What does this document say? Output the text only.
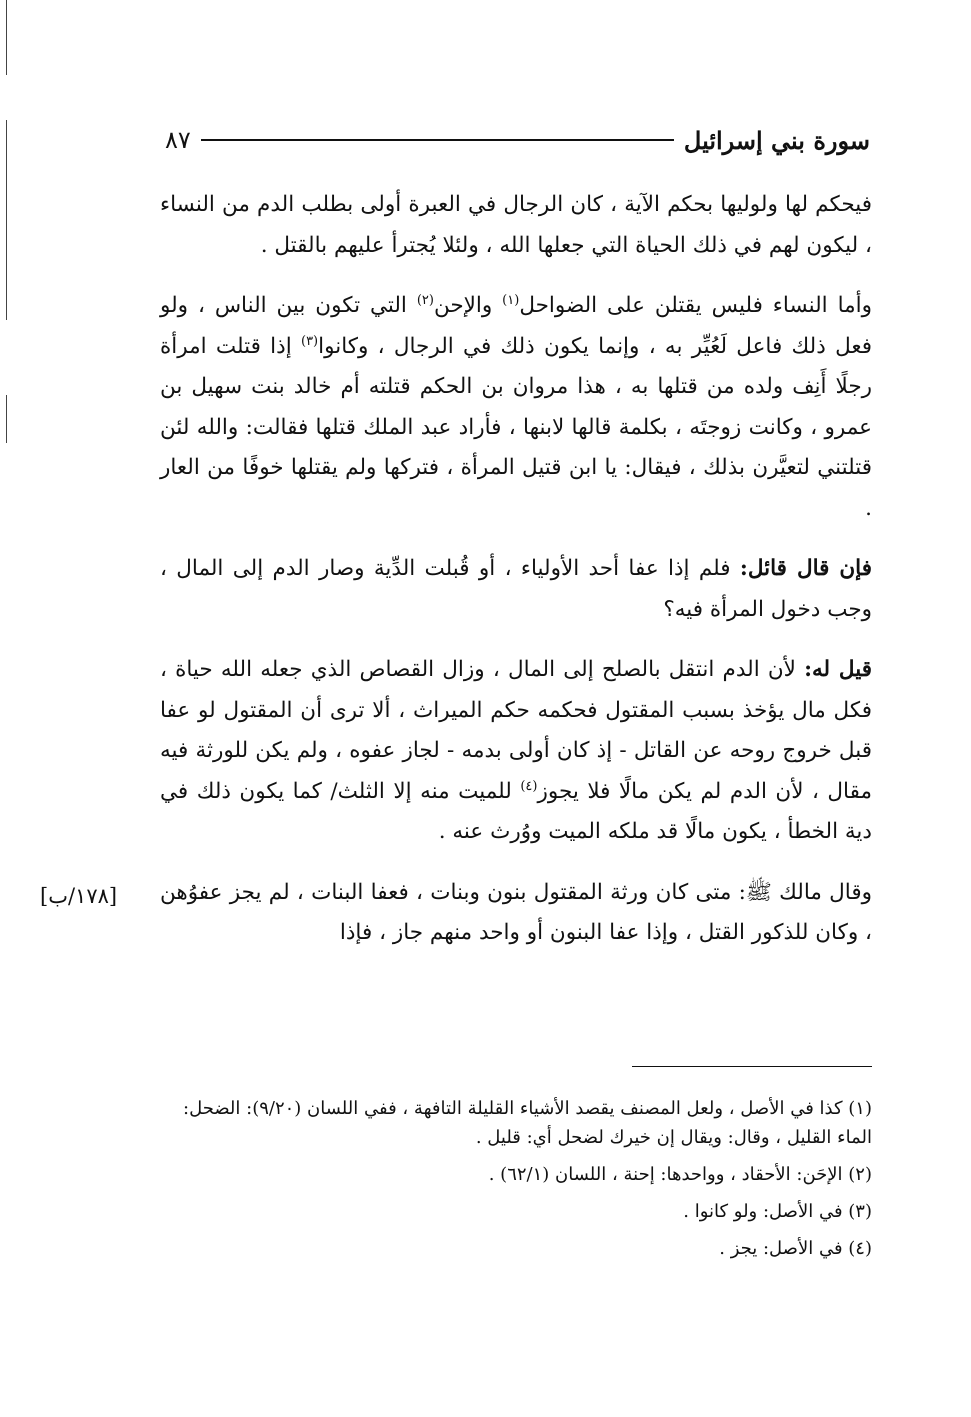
سورة بني إسرائيل
٨٧

فيحكم لها ولوليها بحكم الآية ، كان الرجال في العبرة أولى بطلب الدم من النساء ، ليكون لهم في ذلك الحياة التي جعلها الله ، ولئلا يُجترأ عليهم بالقتل .

وأما النساء فليس يقتلن على الضواحل$^{(١)}$ والإحن$^{(٢)}$ التي تكون بين الناس ، ولو فعل ذلك فاعل لَعُيِّر به ، وإنما يكون ذلك في الرجال ، وكانوا$^{(٣)}$ إذا قتلت امرأة رجلًا أَنِف ولده من قتلها به ، هذا مروان بن الحكم قتلته أم خالد بنت سهيل بن عمرو ، وكانت زوجتَه ، بكلمة قالها لابنها ، فأراد عبد الملك قتلها فقالت: والله لئن قتلتني لتعيَّرن بذلك ، فيقال: يا ابن قتيل المرأة ، فتركها ولم يقتلها خوفًا من العار .

فإن قال قائل: فلم إذا عفا أحد الأولياء ، أو قُبلت الدِّية وصار الدم إلى المال ، وجب دخول المرأة فيه؟

قيل له: لأن الدم انتقل بالصلح إلى المال ، وزال القصاص الذي جعله الله حياة ، فكل مال يؤخذ بسبب المقتول فحكمه حكم الميراث ، ألا ترى أن المقتول لو عفا قبل خروج روحه عن القاتل - إذ كان أولى بدمه - لجاز عفوه ، ولم يكن للورثة فيه مقال ، لأن الدم لم يكن مالًا فلا يجوز$^{(٤)}$ للميت منه إلا الثلث/ كما يكون ذلك في دية الخطأ ، يكون مالًا قد ملكه الميت ووُرث عنه .

وقال مالك ﷺ: متى كان ورثة المقتول بنون وبنات ، فعفا البنات ، لم يجز عفوُهن ، وكان للذكور القتل ، وإذا عفا البنون أو واحد منهم جاز ، فإذا

[١٧٨/ب]

(١) كذا في الأصل ، ولعل المصنف يقصد الأشياء القليلة التافهة ، ففي اللسان (٩/٢٠): الضحل: الماء القليل ، وقال: ويقال إن خيرك لضحل أي: قليل .

(٢) الإحَن: الأحقاد ، وواحدها: إحنة ، اللسان (٦٢/١) .

(٣) في الأصل: ولو كانوا .

(٤) في الأصل: يجز .
